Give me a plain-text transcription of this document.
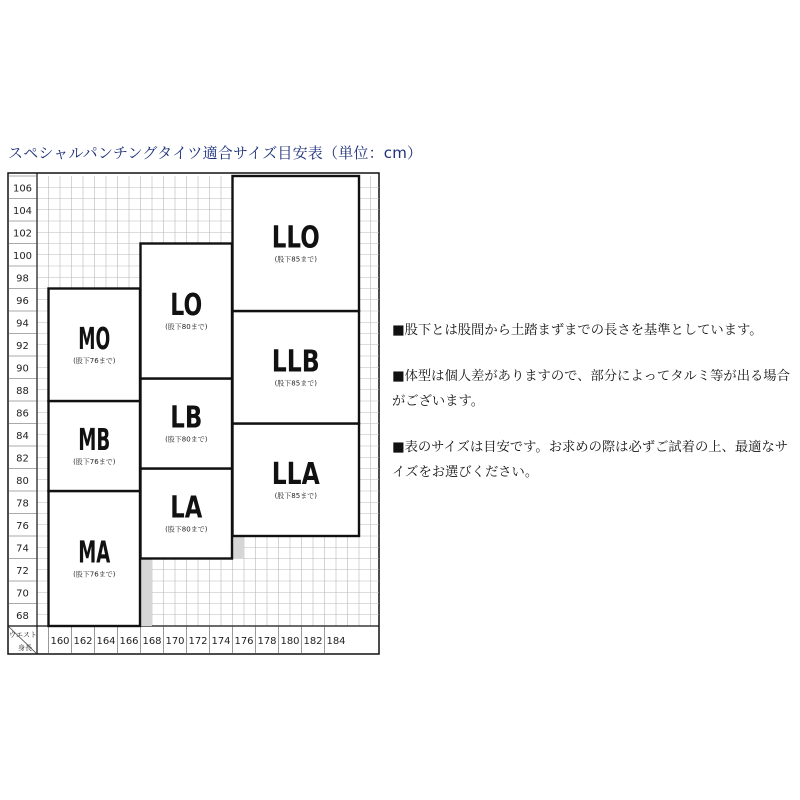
スペシャルパンチングタイツ適合サイズ目安表（単位：cm）
68
70
72
74
76
78
80
82
84
86
88
90
92
94
96
98
100
102
104
106
160 162 164 166 168 170 172 174 176 178 180 182 184
ウエスト
身長
MA
(股下76まで)
MB
(股下76まで)
MO
(股下76まで)
LA
(股下80まで)
LB
(股下80まで)
LO
(股下80まで)
LLA
(股下85まで)
LLB
(股下85まで)
LLO
(股下85まで)

■股下とは股間から土踏まずまでの長さを基準としています。

■体型は個人差がありますので、部分によってタルミ等が出る場合がございます。

■表のサイズは目安です。お求めの際は必ずご試着の上、最適なサイズをお選びください。
